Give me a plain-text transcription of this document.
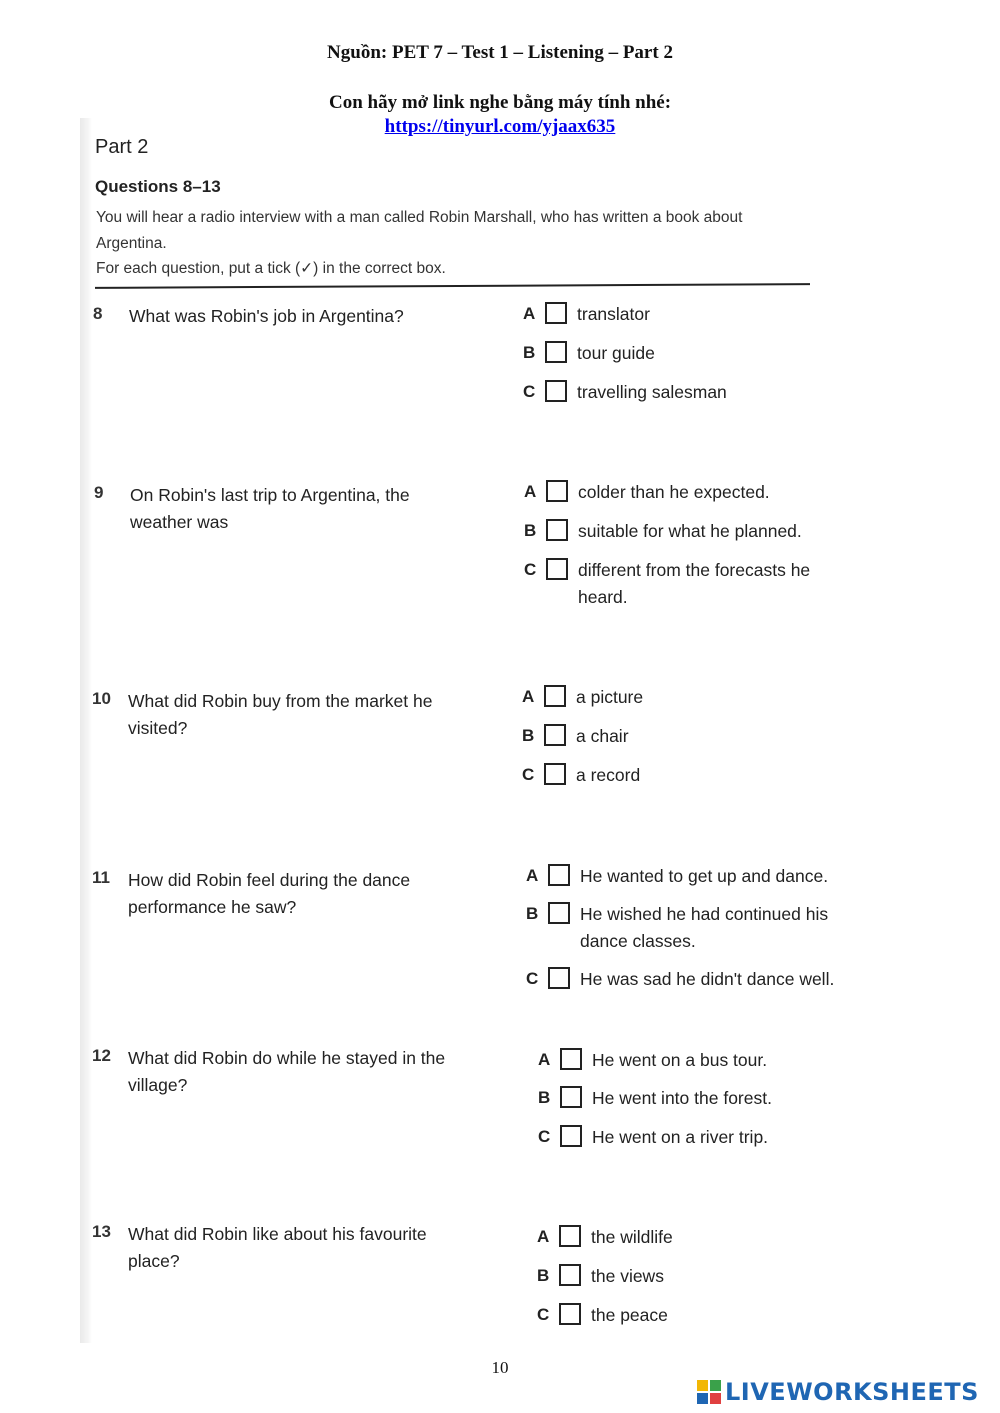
Nguồn: PET 7 – Test 1 – Listening – Part 2
Con hãy mở link nghe bằng máy tính nhé:
https://tinyurl.com/yjaax635
Part 2
Questions 8–13
You will hear a radio interview with a man called Robin Marshall, who has written a book about
Argentina.
For each question, put a tick (✓) in the correct box.
8 What was Robin's job in Argentina?	A translator
B tour guide
C travelling salesman
9 On Robin's last trip to Argentina, the weather was
A colder than he expected.
B suitable for what he planned.
C different from the forecasts he heard.
10 What did Robin buy from the market he visited?
A a picture
B a chair
C a record
11 How did Robin feel during the dance performance he saw?
A He wanted to get up and dance.
B He wished he had continued his dance classes.
C He was sad he didn't dance well.
12 What did Robin do while he stayed in the village?
A He went on a bus tour.
B He went into the forest.
C He went on a river trip.
13 What did Robin like about his favourite place?
A the wildlife
B the views
C the peace
10
LIVEWORKSHEETS
